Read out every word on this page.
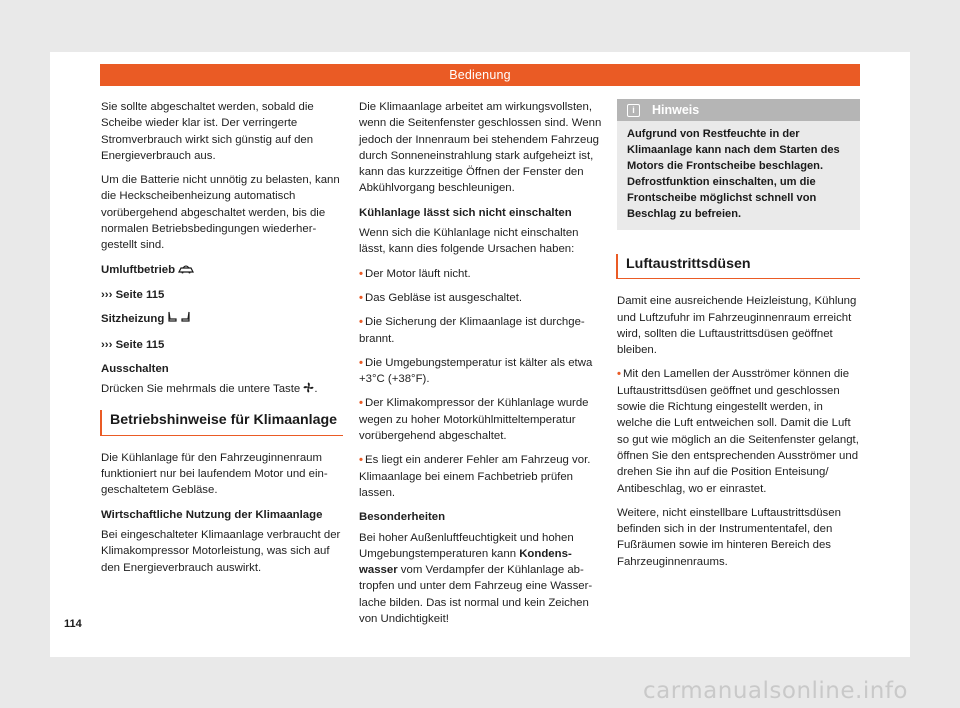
Bedienung

Sie sollte abgeschaltet werden, sobald die Scheibe wieder klar ist. Der verringerte Stromverbrauch wirkt sich günstig auf den Energieverbrauch aus.

Um die Batterie nicht unnötig zu belasten, kann die Heckscheibenheizung automatisch vorübergehend abgeschaltet werden, bis die normalen Betriebsbedingungen wiederhergestellt sind.

Umluftbetrieb

››› Seite 115

Sitzheizung

››› Seite 115

Ausschalten

Drücken Sie mehrmals die untere Taste .

Betriebshinweise für Klimaanlage

Die Kühlanlage für den Fahrzeuginnenraum funktioniert nur bei laufendem Motor und eingeschaltetem Gebläse.

Wirtschaftliche Nutzung der Klimaanlage

Bei eingeschalteter Klimaanlage verbraucht der Klimakompressor Motorleistung, was sich auf den Energieverbrauch auswirkt.

Die Klimaanlage arbeitet am wirkungsvollsten, wenn die Seitenfenster geschlossen sind. Wenn jedoch der Innenraum bei stehendem Fahrzeug durch Sonneneinstrahlung stark aufgeheizt ist, kann das kurzzeitige Öffnen der Fenster den Abkühlvorgang beschleunigen.

Kühlanlage lässt sich nicht einschalten

Wenn sich die Kühlanlage nicht einschalten lässt, kann dies folgende Ursachen haben:

• Der Motor läuft nicht.

• Das Gebläse ist ausgeschaltet.

• Die Sicherung der Klimaanlage ist durchgebrannt.

• Die Umgebungstemperatur ist kälter als etwa +3°C (+38°F).

• Der Klimakompressor der Kühlanlage wurde wegen zu hoher Motorkühlmitteltemperatur vorübergehend abgeschaltet.

• Es liegt ein anderer Fehler am Fahrzeug vor. Klimaanlage bei einem Fachbetrieb prüfen lassen.

Besonderheiten

Bei hoher Außenluftfeuchtigkeit und hohen Umgebungstemperaturen kann Kondenswasser vom Verdampfer der Kühlanlage abtropfen und unter dem Fahrzeug eine Wasserlache bilden. Das ist normal und kein Zeichen von Undichtigkeit!

i	Hinweis
Aufgrund von Restfeuchte in der Klimaanlage kann nach dem Starten des Motors die Frontscheibe beschlagen. Defrostfunktion einschalten, um die Frontscheibe möglichst schnell von Beschlag zu befreien.
Luftaustrittsdüsen

Damit eine ausreichende Heizleistung, Kühlung und Luftzufuhr im Fahrzeuginnenraum erreicht wird, sollten die Luftaustrittsdüsen geöffnet bleiben.

• Mit den Lamellen der Ausströmer können die Luftaustrittsdüsen geöffnet und geschlossen sowie die Richtung eingestellt werden, in welche die Luft entweichen soll. Damit die Luft so gut wie möglich an die Seitenfenster gelangt, öffnen Sie den entsprechenden Ausströmer und drehen Sie ihn auf die Position Enteisung/ Antibeschlag, wo er einrastet.

Weitere, nicht einstellbare Luftaustrittsdüsen befinden sich in der Instrumententafel, den Fußräumen sowie im hinteren Bereich des Fahrzeuginnenraums.

114
carmanualsonline.info
